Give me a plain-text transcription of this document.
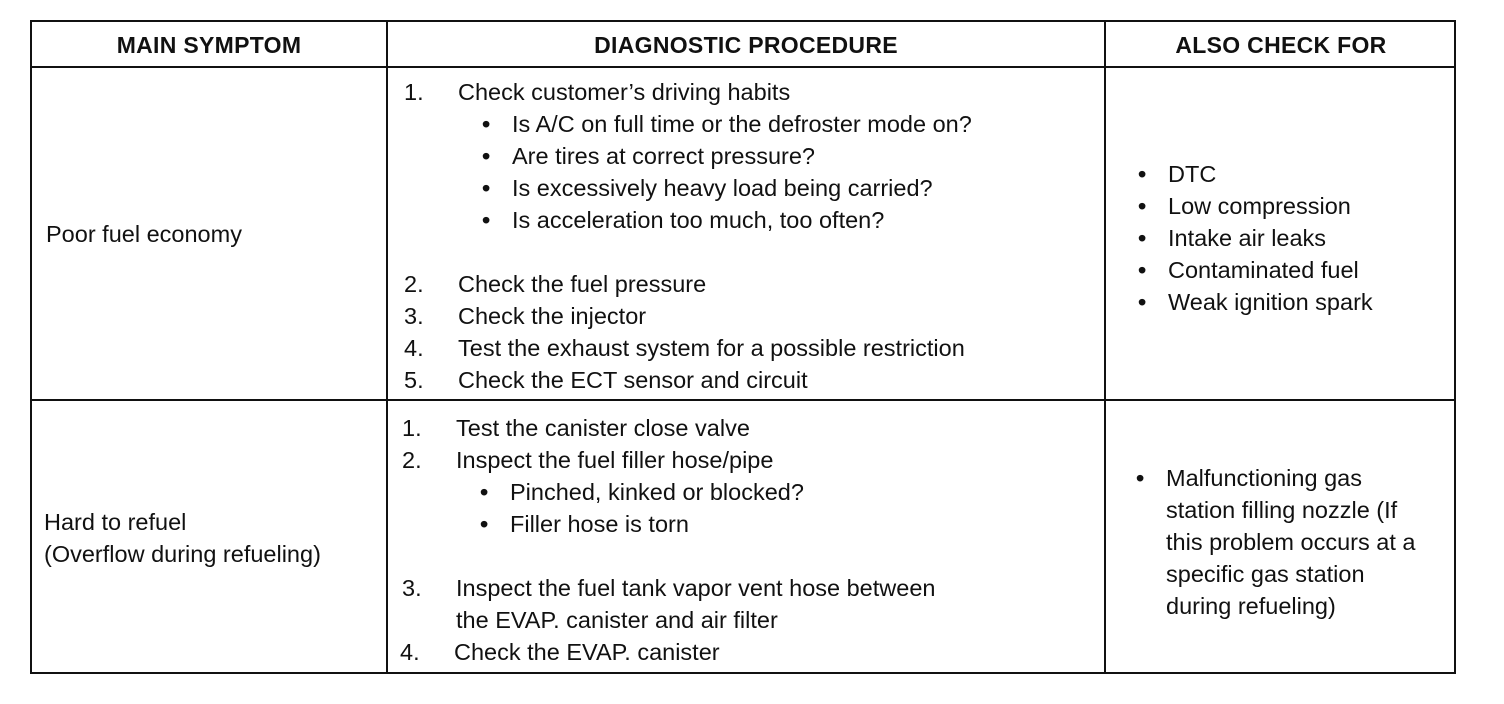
MAIN SYMPTOM	DIAGNOSTIC PROCEDURE	ALSO CHECK FOR
Poor fuel economy
1. Check customer’s driving habits
• Is A/C on full time or the defroster mode on?
• Are tires at correct pressure?
• Is excessively heavy load being carried?
• Is acceleration too much, too often?
2. Check the fuel pressure
3. Check the injector
4. Test the exhaust system for a possible restriction
5. Check the ECT sensor and circuit
• DTC
• Low compression
• Intake air leaks
• Contaminated fuel
• Weak ignition spark
Hard to refuel
(Overflow during refueling)
1. Test the canister close valve
2. Inspect the fuel filler hose/pipe
• Pinched, kinked or blocked?
• Filler hose is torn
3. Inspect the fuel tank vapor vent hose between
the EVAP. canister and air filter
4. Check the EVAP. canister
• Malfunctioning gas station filling nozzle (If this problem occurs at a specific gas station during refueling)
